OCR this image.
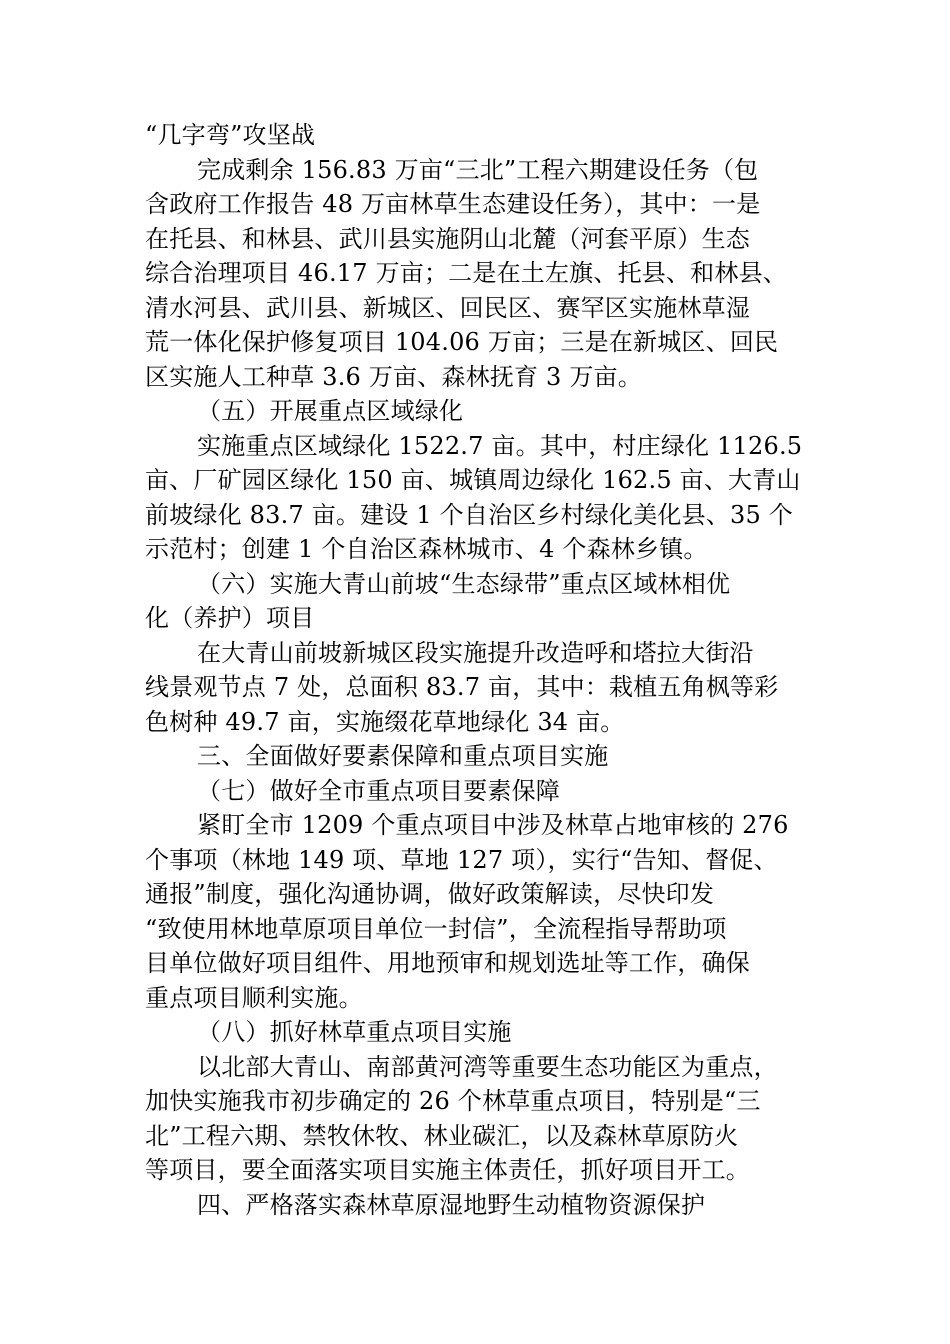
“几字弯”攻坚战
完成剩余 156.83 万亩“三北”工程六期建设任务（包
含政府工作报告 48 万亩林草生态建设任务），其中：一是
在托县、和林县、武川县实施阴山北麓（河套平原）生态
综合治理项目 46.17 万亩；二是在土左旗、托县、和林县、
清水河县、武川县、新城区、回民区、赛罕区实施林草湿
荒一体化保护修复项目 104.06 万亩；三是在新城区、回民
区实施人工种草 3.6 万亩、森林抚育 3 万亩。
（五）开展重点区域绿化
实施重点区域绿化 1522.7 亩。其中，村庄绿化 1126.5
亩、厂矿园区绿化 150 亩、城镇周边绿化 162.5 亩、大青山
前坡绿化 83.7 亩。建设 1 个自治区乡村绿化美化县、35 个
示范村；创建 1 个自治区森林城市、4 个森林乡镇。
（六）实施大青山前坡“生态绿带”重点区域林相优
化（养护）项目
在大青山前坡新城区段实施提升改造呼和塔拉大街沿
线景观节点 7 处，总面积 83.7 亩，其中：栽植五角枫等彩
色树种 49.7 亩，实施缀花草地绿化 34 亩。
三、全面做好要素保障和重点项目实施
（七）做好全市重点项目要素保障
紧盯全市 1209 个重点项目中涉及林草占地审核的 276
个事项（林地 149 项、草地 127 项），实行“告知、督促、
通报”制度，强化沟通协调，做好政策解读，尽快印发
“致使用林地草原项目单位一封信”，全流程指导帮助项
目单位做好项目组件、用地预审和规划选址等工作，确保
重点项目顺利实施。
（八）抓好林草重点项目实施
以北部大青山、南部黄河湾等重要生态功能区为重点，
加快实施我市初步确定的 26 个林草重点项目，特别是“三
北”工程六期、禁牧休牧、林业碳汇，以及森林草原防火
等项目，要全面落实项目实施主体责任，抓好项目开工。
四、严格落实森林草原湿地野生动植物资源保护
